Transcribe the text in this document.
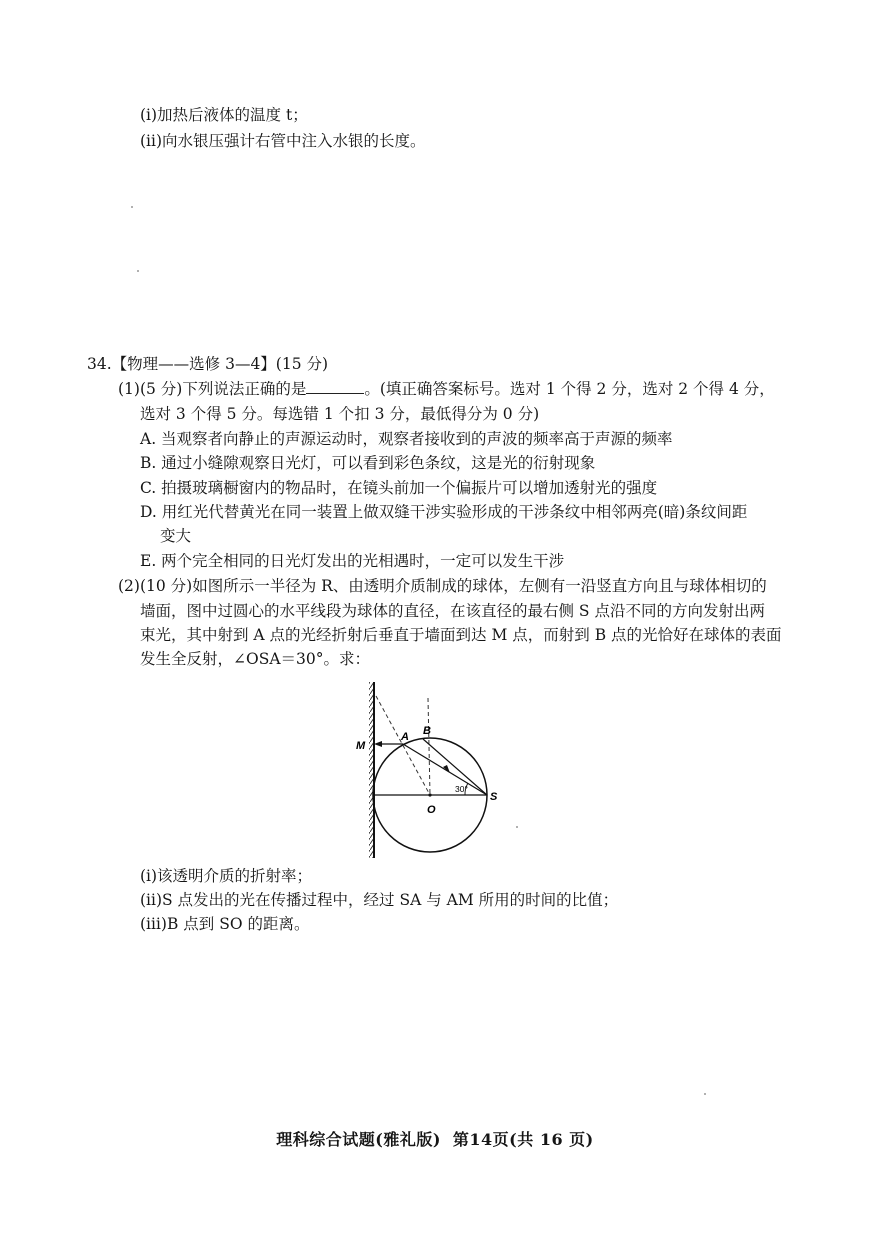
(ⅰ)加热后液体的温度 t；
(ⅱ)向水银压强计右管中注入水银的长度。
34.【物理——选修 3—4】(15 分)
(1)(5 分)下列说法正确的是	。(填正确答案标号。选对 1 个得 2 分，选对 2 个得 4 分，
选对 3 个得 5 分。每选错 1 个扣 3 分，最低得分为 0 分)
A. 当观察者向静止的声源运动时，观察者接收到的声波的频率高于声源的频率
B. 通过小缝隙观察日光灯，可以看到彩色条纹，这是光的衍射现象
C. 拍摄玻璃橱窗内的物品时，在镜头前加一个偏振片可以增加透射光的强度
D. 用红光代替黄光在同一装置上做双缝干涉实验形成的干涉条纹中相邻两亮(暗)条纹间距
变大
E. 两个完全相同的日光灯发出的光相遇时，一定可以发生干涉
(2)(10 分)如图所示一半径为 R、由透明介质制成的球体，左侧有一沿竖直方向且与球体相切的
墙面，图中过圆心的水平线段为球体的直径，在该直径的最右侧 S 点沿不同的方向发射出两
束光，其中射到 A 点的光经折射后垂直于墙面到达 M 点，而射到 B 点的光恰好在球体的表面
发生全反射，∠OSA＝30°。求：
M
A B
O
S
30°
(ⅰ)该透明介质的折射率；
(ⅱ)S 点发出的光在传播过程中，经过 SA 与 AM 所用的时间的比值；
(ⅲ)B 点到 SO 的距离。
理科综合试题(雅礼版) 第14页(共 16 页)
